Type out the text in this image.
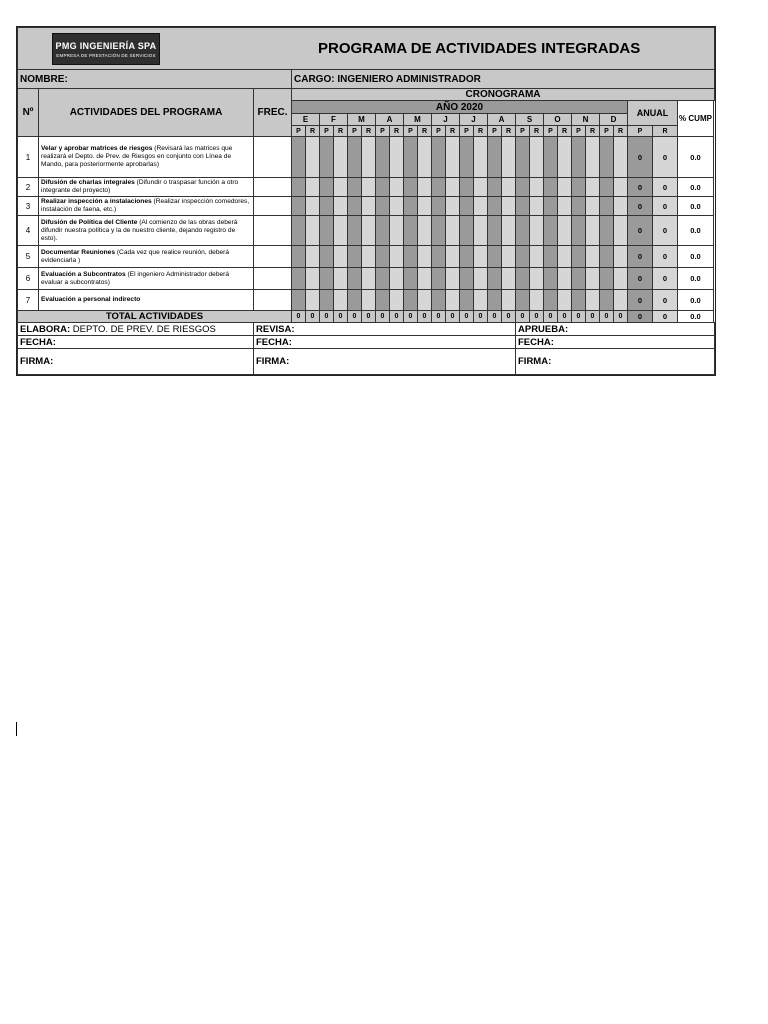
PMG INGENIERÍA SPA
EMPRESA DE PRESTACIÓN DE SERVICIOS PROGRAMA DE ACTIVIDADES INTEGRADAS																													

NOMBRE:			CARGO: INGENIERO ADMINISTRADOR																										
Nº	ACTIVIDADES DEL PROGRAMA	FREC.	CRONOGRAMA																										
			AÑO 2020																								ANUAL		% CUMP
			E		F		M		A		M		J		J		A		S		O		N		D				
			P	R	P	R	P	R	P	R	P	R	P	R	P	R	P	R	P	R	P	R	P	R	P	R	P	R	
1	Velar y aprobar matrices de riesgos (Revisará las matrices que realizará el Depto. de Prev. de Riesgos en conjunto con Línea de Mando, para posteriormente aprobarlas)																										0	0	0.0
2	Difusión de charlas integrales (Difundir o traspasar función a otro integrante del proyecto)																										0	0	0.0
3	Realizar inspección a instalaciones (Realizar inspección comedores, instalación de faena, etc.)																										0	0	0.0
4	Difusión de Política del Cliente (Al comienzo de las obras deberá difundir nuestra política y la de nuestro cliente, dejando registro de esto).																										0	0	0.0
5	Documentar Reuniones (Cada vez que realice reunión, deberá evidenciarla )																										0	0	0.0
6	Evaluación a Subcontratos (El ingeniero Administrador deberá evaluar a subcontratos)																										0	0	0.0
7	Evaluación a personal indirecto																										0	0	0.0
TOTAL ACTIVIDADES			0	0	0	0	0	0	0	0	0	0	0	0	0	0	0	0	0	0	0	0	0	0	0	0	0	0	0.0
ELABORA: DEPTO. DE PREV. DE RIESGOS		REVISA:																	APRUEBA:										
FECHA:		FECHA:																	FECHA:										
FIRMA:		FIRMA:																	FIRMA:										
